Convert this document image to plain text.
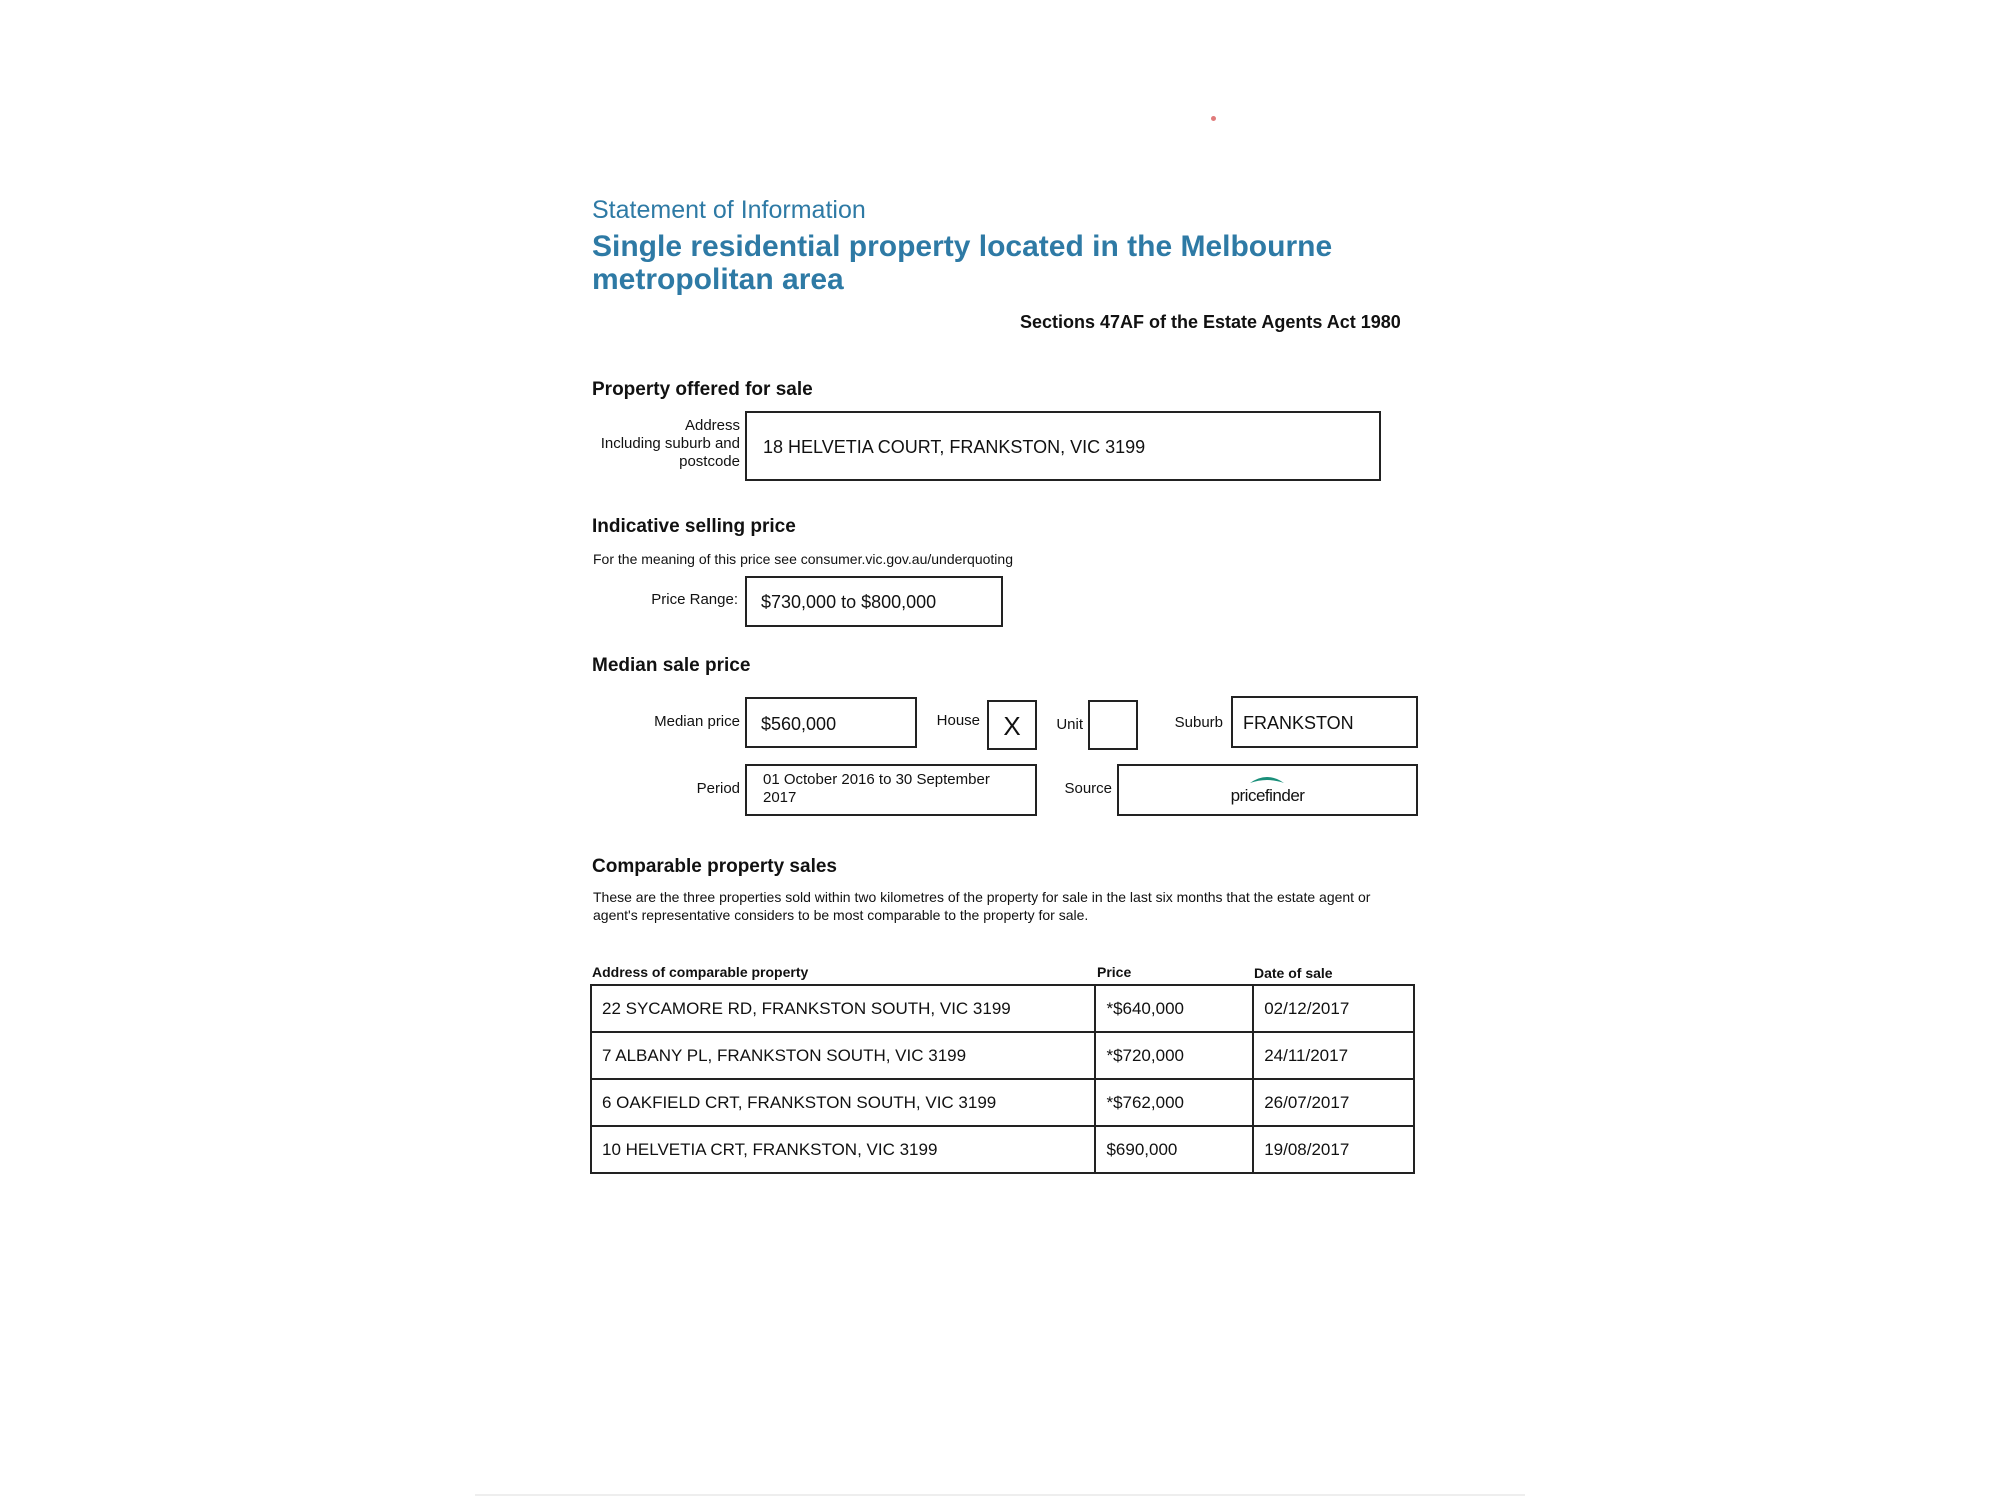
Statement of Information
Single residential property located in the Melbourne metropolitan area
Sections 47AF of the Estate Agents Act 1980
Property offered for sale
Address
Including suburb and
postcode
18 HELVETIA COURT, FRANKSTON, VIC 3199
Indicative selling price
For the meaning of this price see consumer.vic.gov.au/underquoting
Price Range: $730,000 to $800,000
Median sale price
Median price $560,000	House X	Unit	Suburb FRANKSTON
Period
01 October 2016 to 30 September 2017
Source	pricefinder
Comparable property sales
These are the three properties sold within two kilometres of the property for sale in the last six months that the estate agent or agent's representative considers to be most comparable to the property for sale.
Address of comparable property	Price	Date of sale
22 SYCAMORE RD, FRANKSTON SOUTH, VIC 3199	*$640,000	02/12/2017
7 ALBANY PL, FRANKSTON SOUTH, VIC 3199	*$720,000	24/11/2017
6 OAKFIELD CRT, FRANKSTON SOUTH, VIC 3199	*$762,000	26/07/2017
10 HELVETIA CRT, FRANKSTON, VIC 3199	$690,000	19/08/2017
